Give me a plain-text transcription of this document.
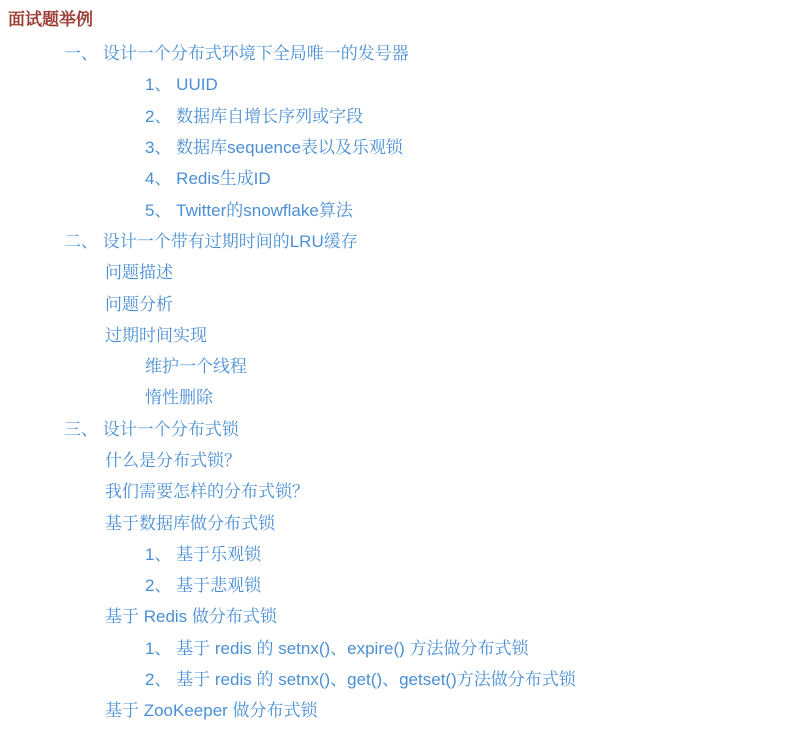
面试题举例
一、 设计一个分布式环境下全局唯一的发号器
1、 UUID
2、 数据库自增长序列或字段
3、 数据库sequence表以及乐观锁
4、 Redis生成ID
5、 Twitter的snowflake算法
二、 设计一个带有过期时间的LRU缓存
问题描述
问题分析
过期时间实现
维护一个线程
惰性删除
三、 设计一个分布式锁
什么是分布式锁？
我们需要怎样的分布式锁？
基于数据库做分布式锁
1、 基于乐观锁
2、 基于悲观锁
基于 Redis 做分布式锁
1、 基于 redis 的 setnx()、expire() 方法做分布式锁
2、 基于 redis 的 setnx()、get()、getset()方法做分布式锁
基于 ZooKeeper 做分布式锁
